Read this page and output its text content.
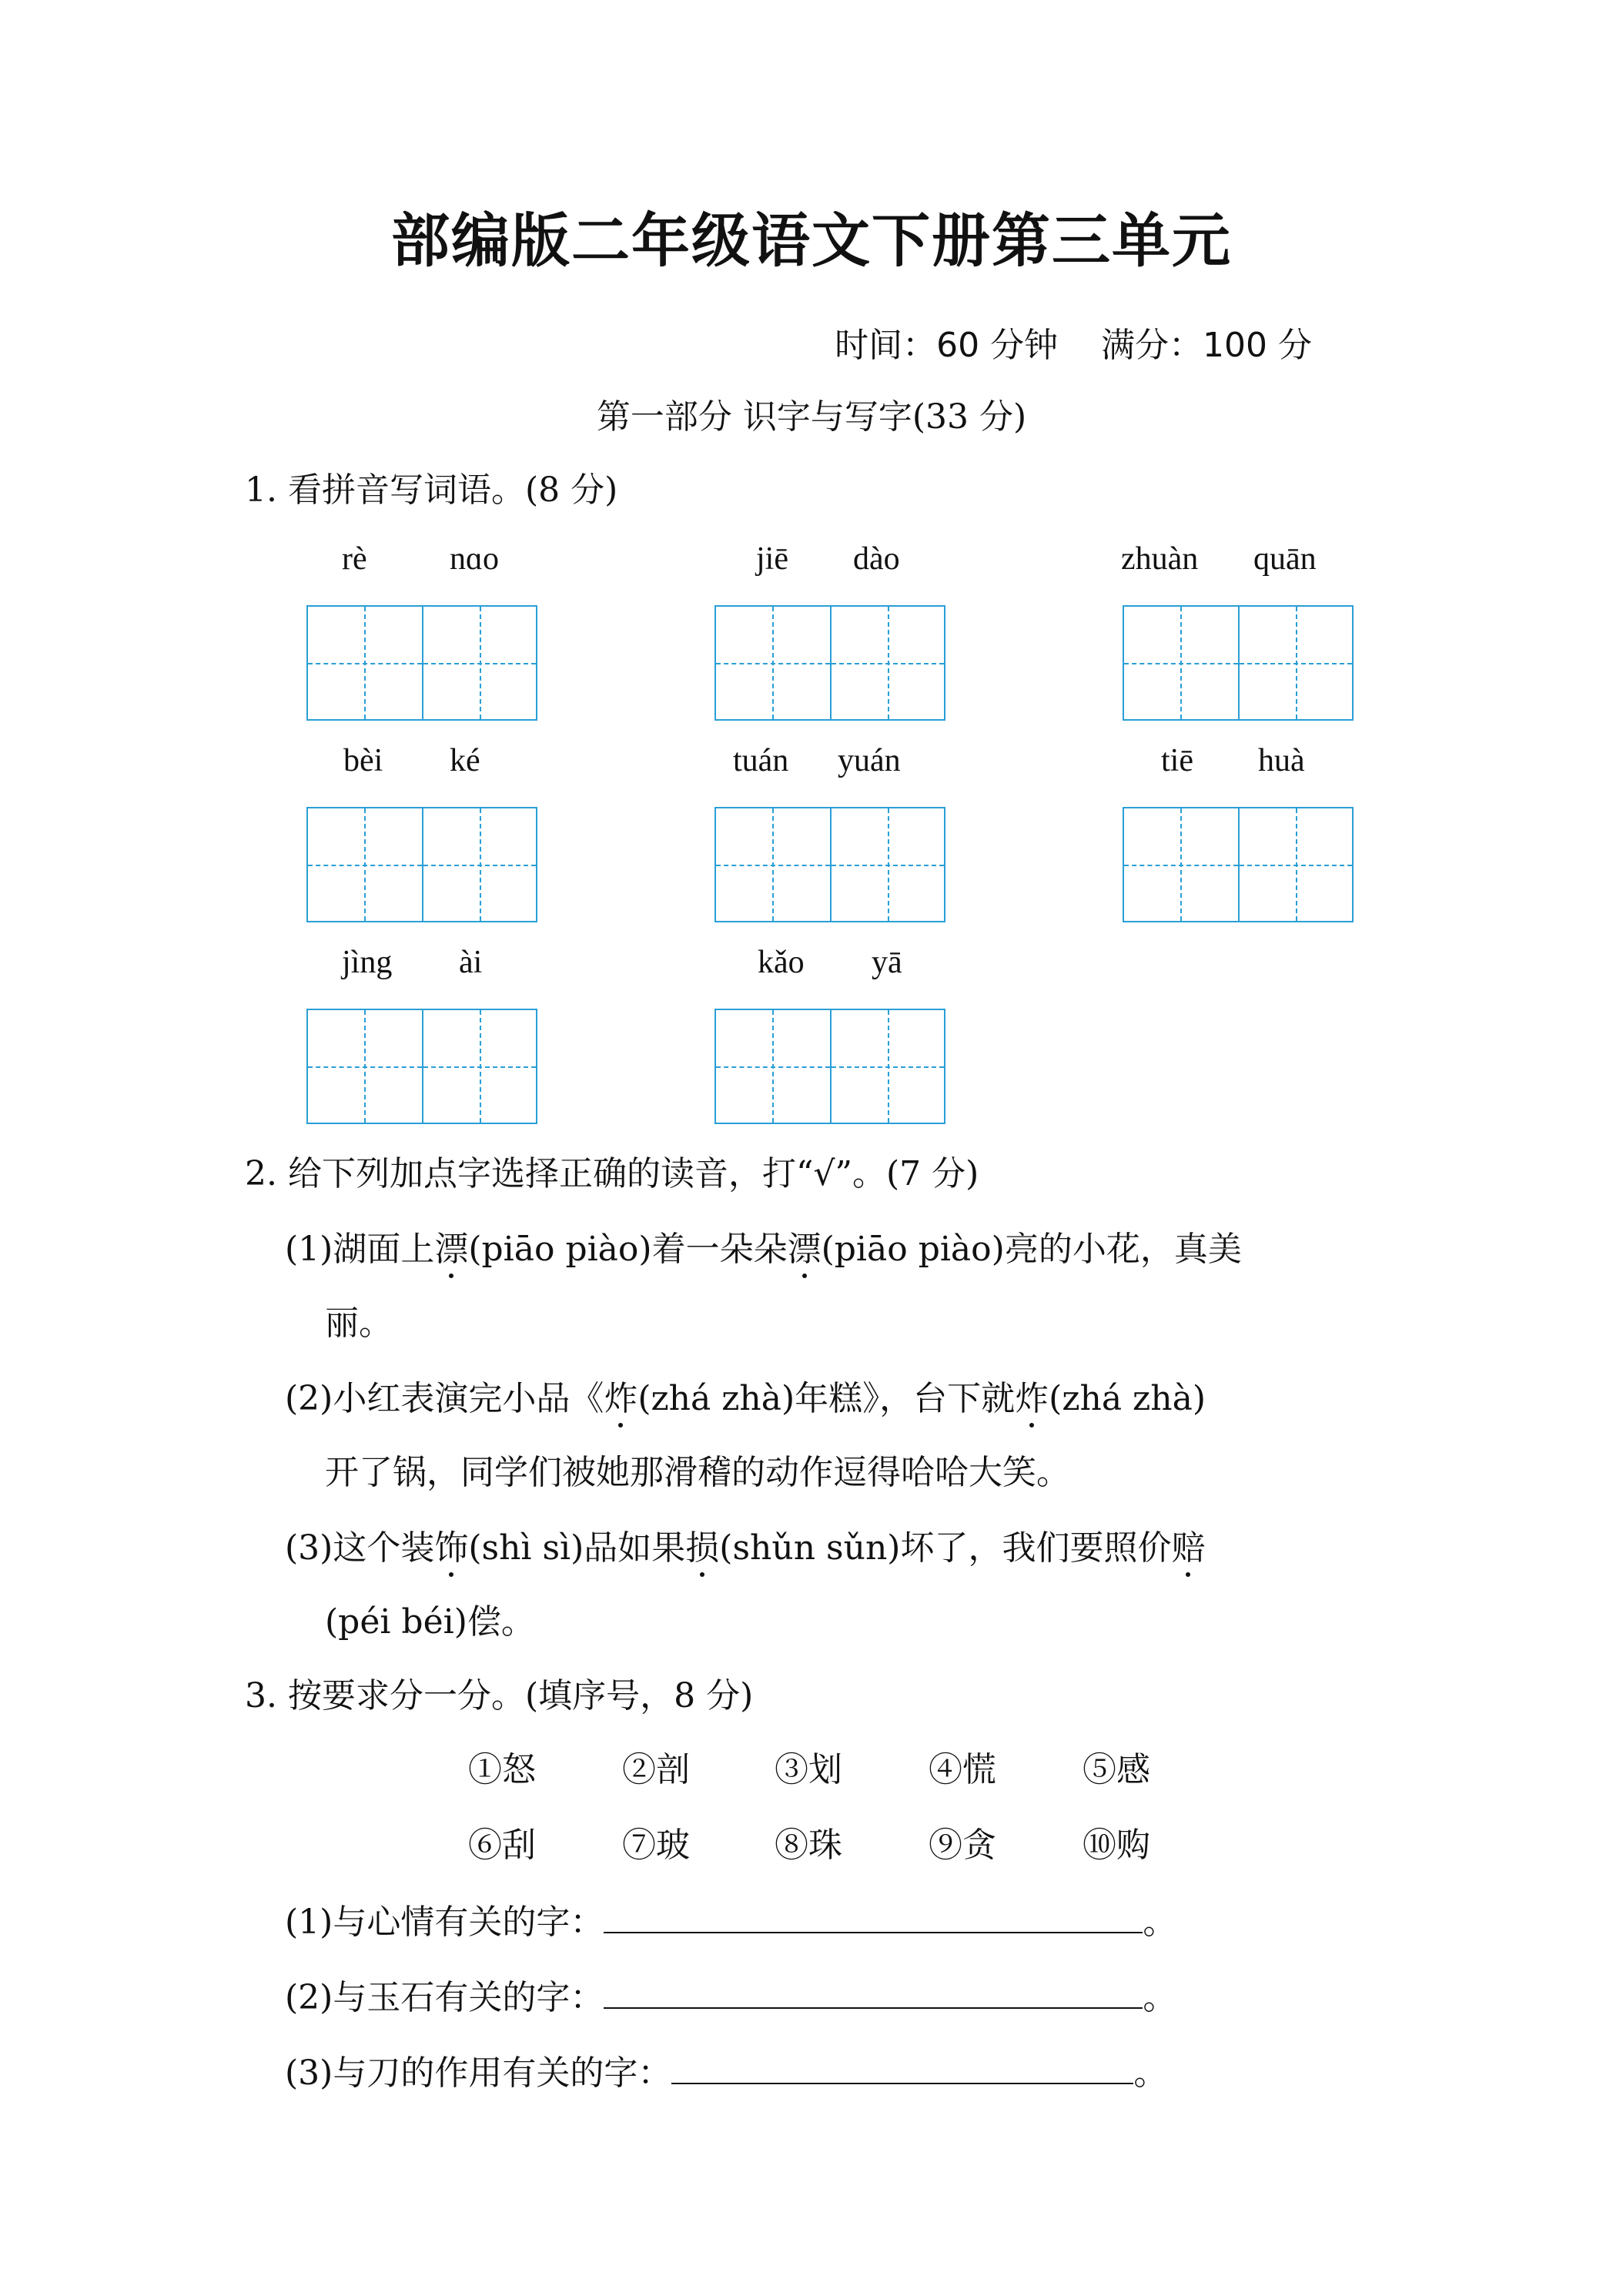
部编版二年级语文下册第三单元
时间：60 分钟 满分：100 分
第一部分 识字与写字(33 分)
1. 看拼音写词语。(8 分)
rè	nɑo	jiē dào	zhuàn quān
bèi ké	tuán yuán	tiē huà
jìng ài	kǎo yā
2. 给下列加点字选择正确的读音，打“√”。(7 分)
(1)湖面上漂(piāo piào)着一朵朵漂(piāo piào)亮的小花，真美
丽。
(2)小红表演完小品《炸(zhá zhà)年糕》，台下就炸(zhá zhà)
开了锅，同学们被她那滑稽的动作逗得哈哈大笑。
(3)这个装饰(shì sì)品如果损(shǔn sǔn)坏了，我们要照价赔
(péi béi)偿。
3. 按要求分一分。(填序号，8 分)
①怒	②剖	③划	④慌	⑤感
⑥刮	⑦玻	⑧珠	⑨贪	⑩购
(1)与心情有关的字：	。
(2)与玉石有关的字：	。
(3)与刀的作用有关的字：	。
